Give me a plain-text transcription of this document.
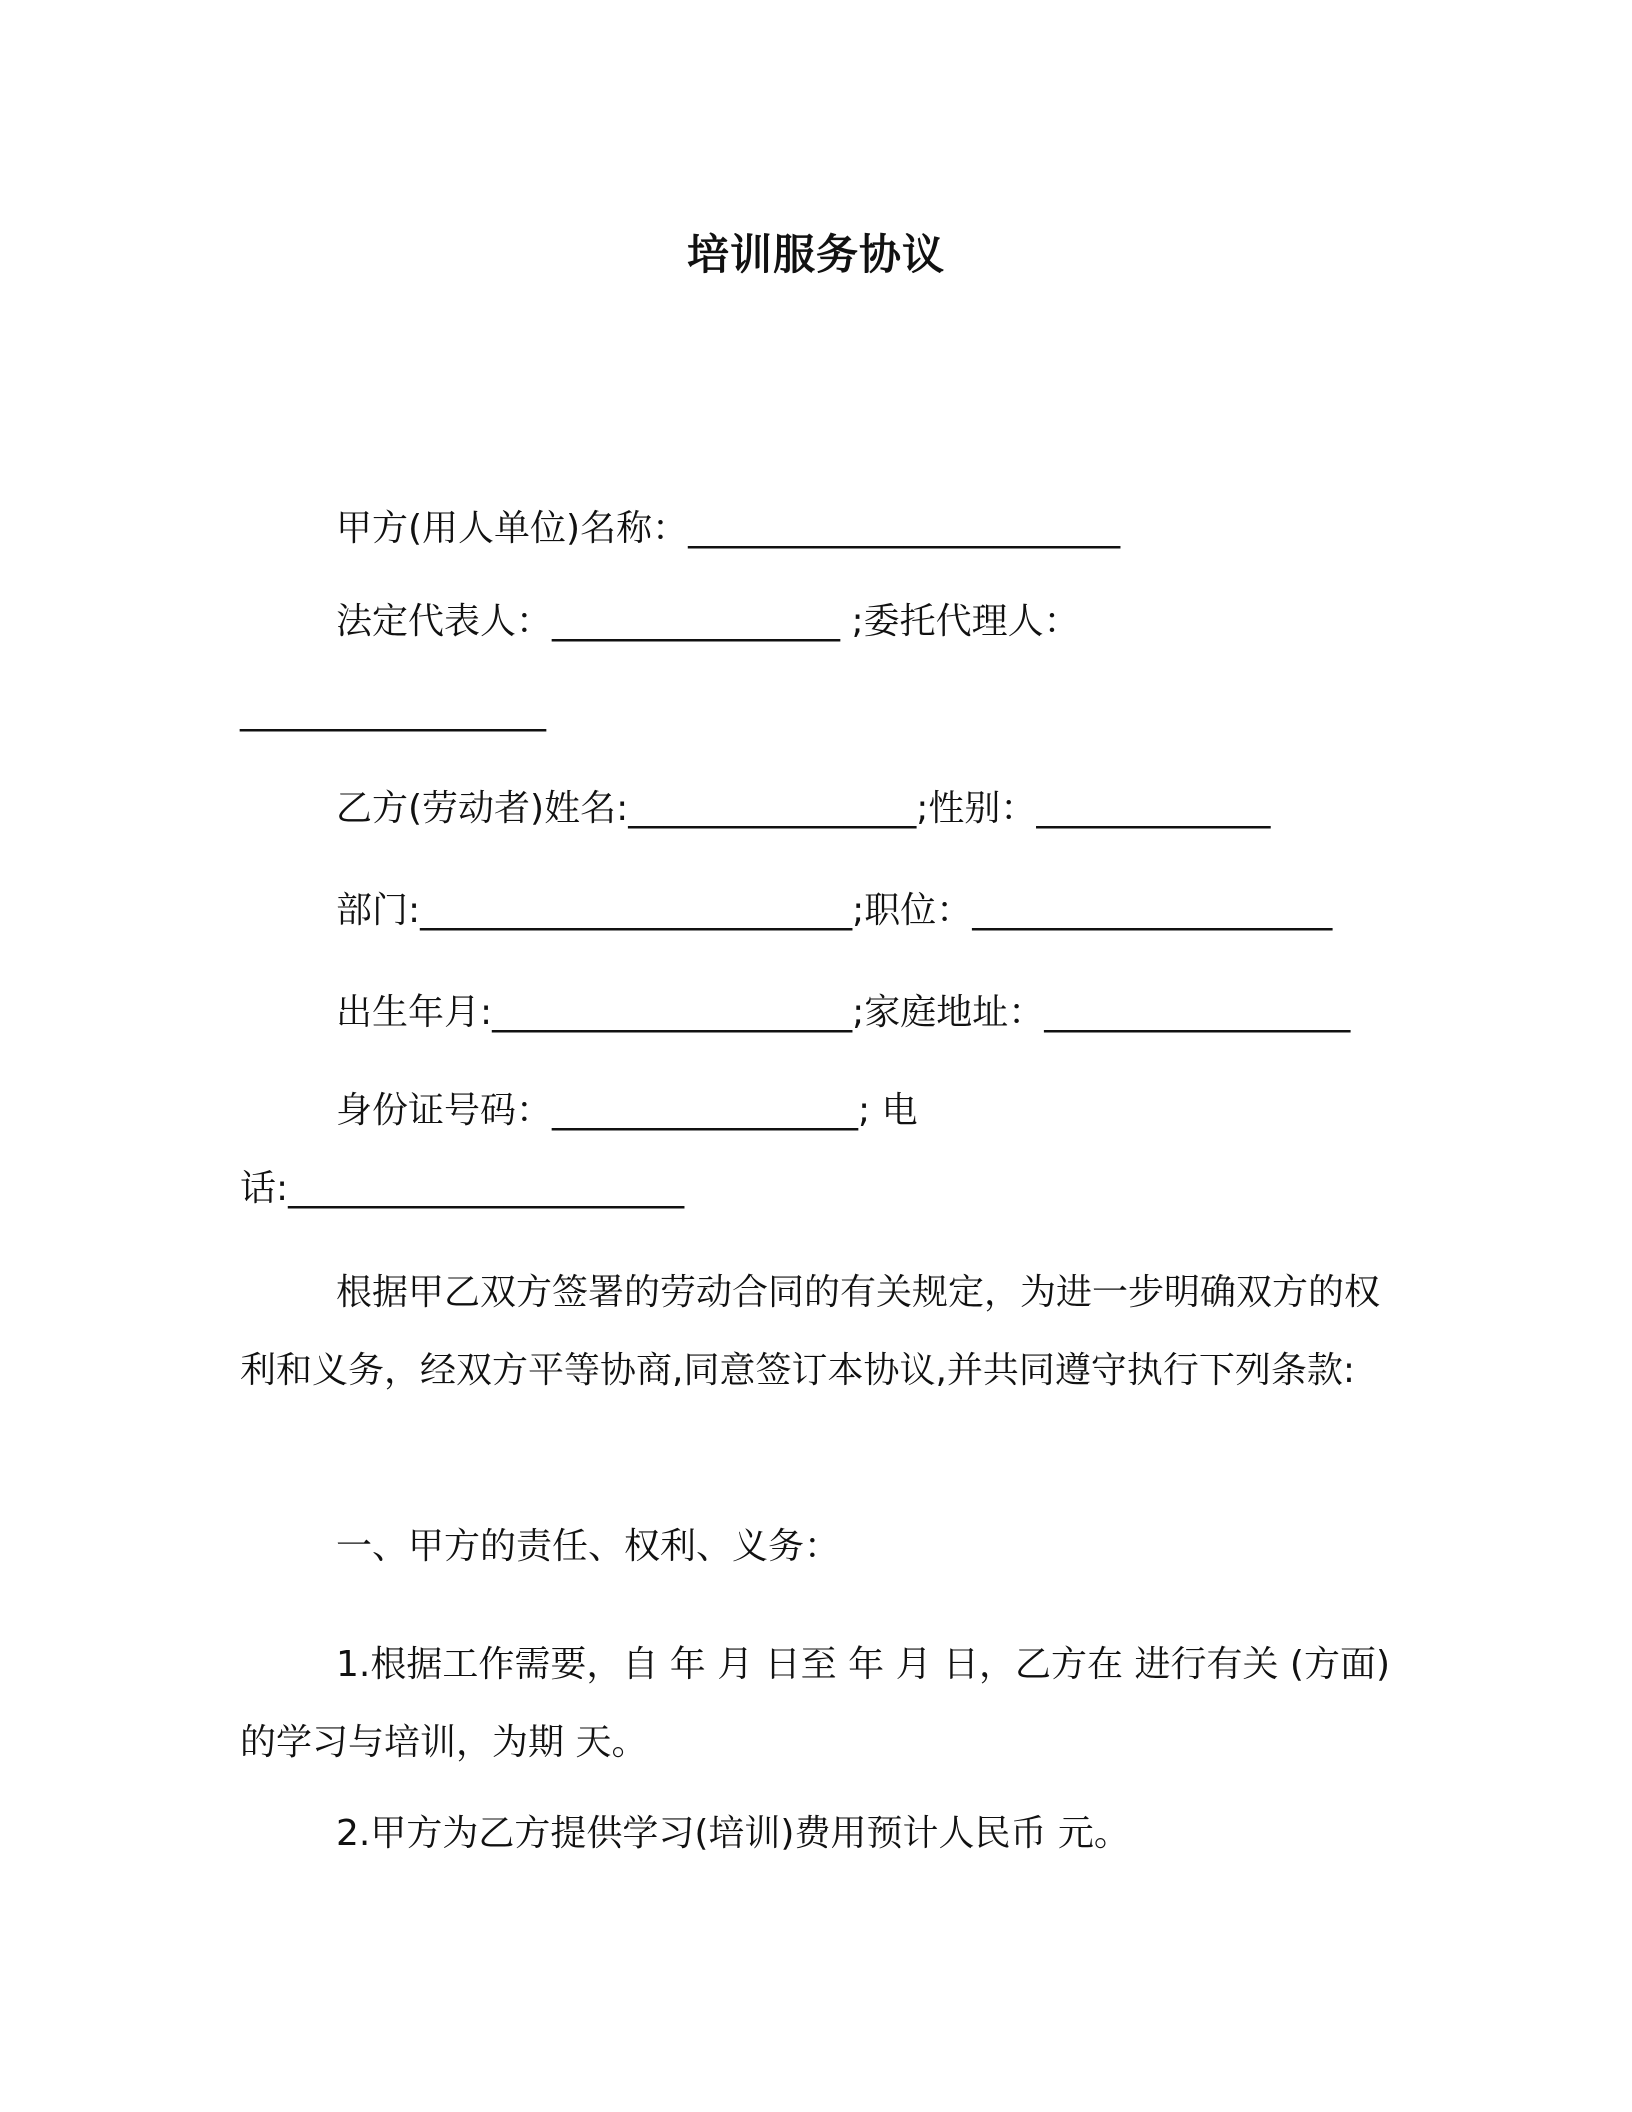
培训服务协议
甲方(用人单位)名称：________________________
法定代表人：________________ ;委托代理人：
_________________
乙方(劳动者)姓名:________________;性别：_____________
部门:________________________;职位：____________________
出生年月:____________________;家庭地址：_________________
身份证号码：_________________; 电
话:______________________
根据甲乙双方签署的劳动合同的有关规定，为进一步明确双方的权利和义务，经双方平等协商,同意签订本协议,并共同遵守执行下列条款:
一、甲方的责任、权利、义务：
1.根据工作需要，自 年 月 日至 年 月 日，乙方在 进行有关 (方面)的学习与培训，为期 天。
2.甲方为乙方提供学习(培训)费用预计人民币 元。
